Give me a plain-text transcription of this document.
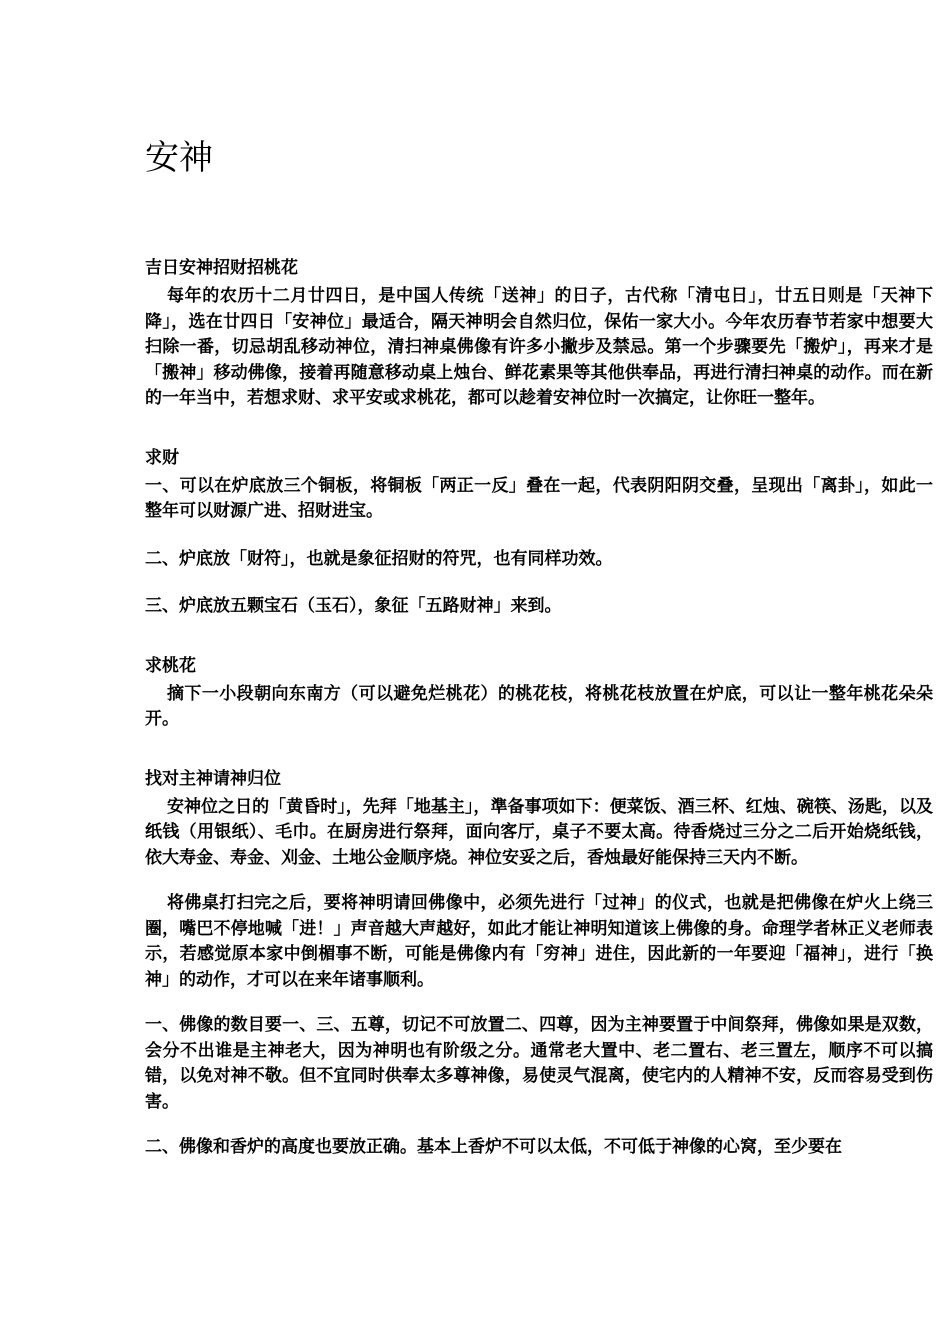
安神

吉日安神招财招桃花

每年的农历十二月廿四日，是中国人传统「送神」的日子，古代称「清屯日」，廿五日则是「天神下降」，选在廿四日「安神位」最适合，隔天神明会自然归位，保佑一家大小。今年农历春节若家中想要大扫除一番，切忌胡乱移动神位，清扫神桌佛像有许多小撇步及禁忌。第一个步骤要先「搬炉」，再来才是「搬神」移动佛像，接着再随意移动桌上烛台、鲜花素果等其他供奉品，再进行清扫神桌的动作。而在新的一年当中，若想求财、求平安或求桃花，都可以趁着安神位时一次搞定，让你旺一整年。

求财

一、可以在炉底放三个铜板，将铜板「两正一反」叠在一起，代表阴阳阴交叠，呈现出「离卦」，如此一整年可以财源广进、招财进宝。

二、炉底放「财符」，也就是象征招财的符咒，也有同样功效。

三、炉底放五颗宝石（玉石），象征「五路财神」来到。

求桃花

摘下一小段朝向东南方（可以避免烂桃花）的桃花枝，将桃花枝放置在炉底，可以让一整年桃花朵朵开。

找对主神请神归位

安神位之日的「黄昏时」，先拜「地基主」，準备事项如下：便菜饭、酒三杯、红烛、碗筷、汤匙，以及纸钱（用银纸）、毛巾。在厨房进行祭拜，面向客厅，桌子不要太高。待香烧过三分之二后开始烧纸钱，依大寿金、寿金、刈金、土地公金顺序烧。神位安妥之后，香烛最好能保持三天内不断。

将佛桌打扫完之后，要将神明请回佛像中，必须先进行「过神」的仪式，也就是把佛像在炉火上绕三圈，嘴巴不停地喊「进！」声音越大声越好，如此才能让神明知道该上佛像的身。命理学者林正义老师表示，若感觉原本家中倒楣事不断，可能是佛像内有「穷神」进住，因此新的一年要迎「福神」，进行「换神」的动作，才可以在来年诸事顺利。

一、佛像的数目要一、三、五尊，切记不可放置二、四尊，因为主神要置于中间祭拜，佛像如果是双数，会分不出谁是主神老大，因为神明也有阶级之分。通常老大置中、老二置右、老三置左，顺序不可以搞错，以免对神不敬。但不宜同时供奉太多尊神像，易使灵气混离，使宅内的人精神不安，反而容易受到伤害。

二、佛像和香炉的高度也要放正确。基本上香炉不可以太低，不可低于神像的心窝，至少要在
